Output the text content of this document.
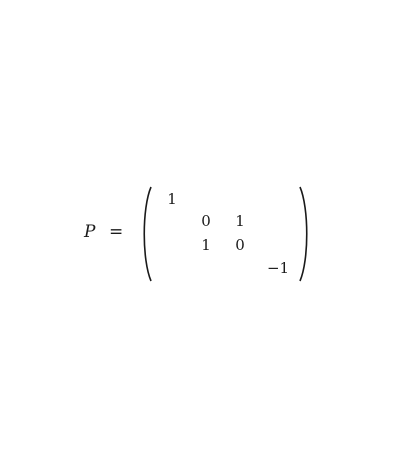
P =
1
0	1
1	0
−1
